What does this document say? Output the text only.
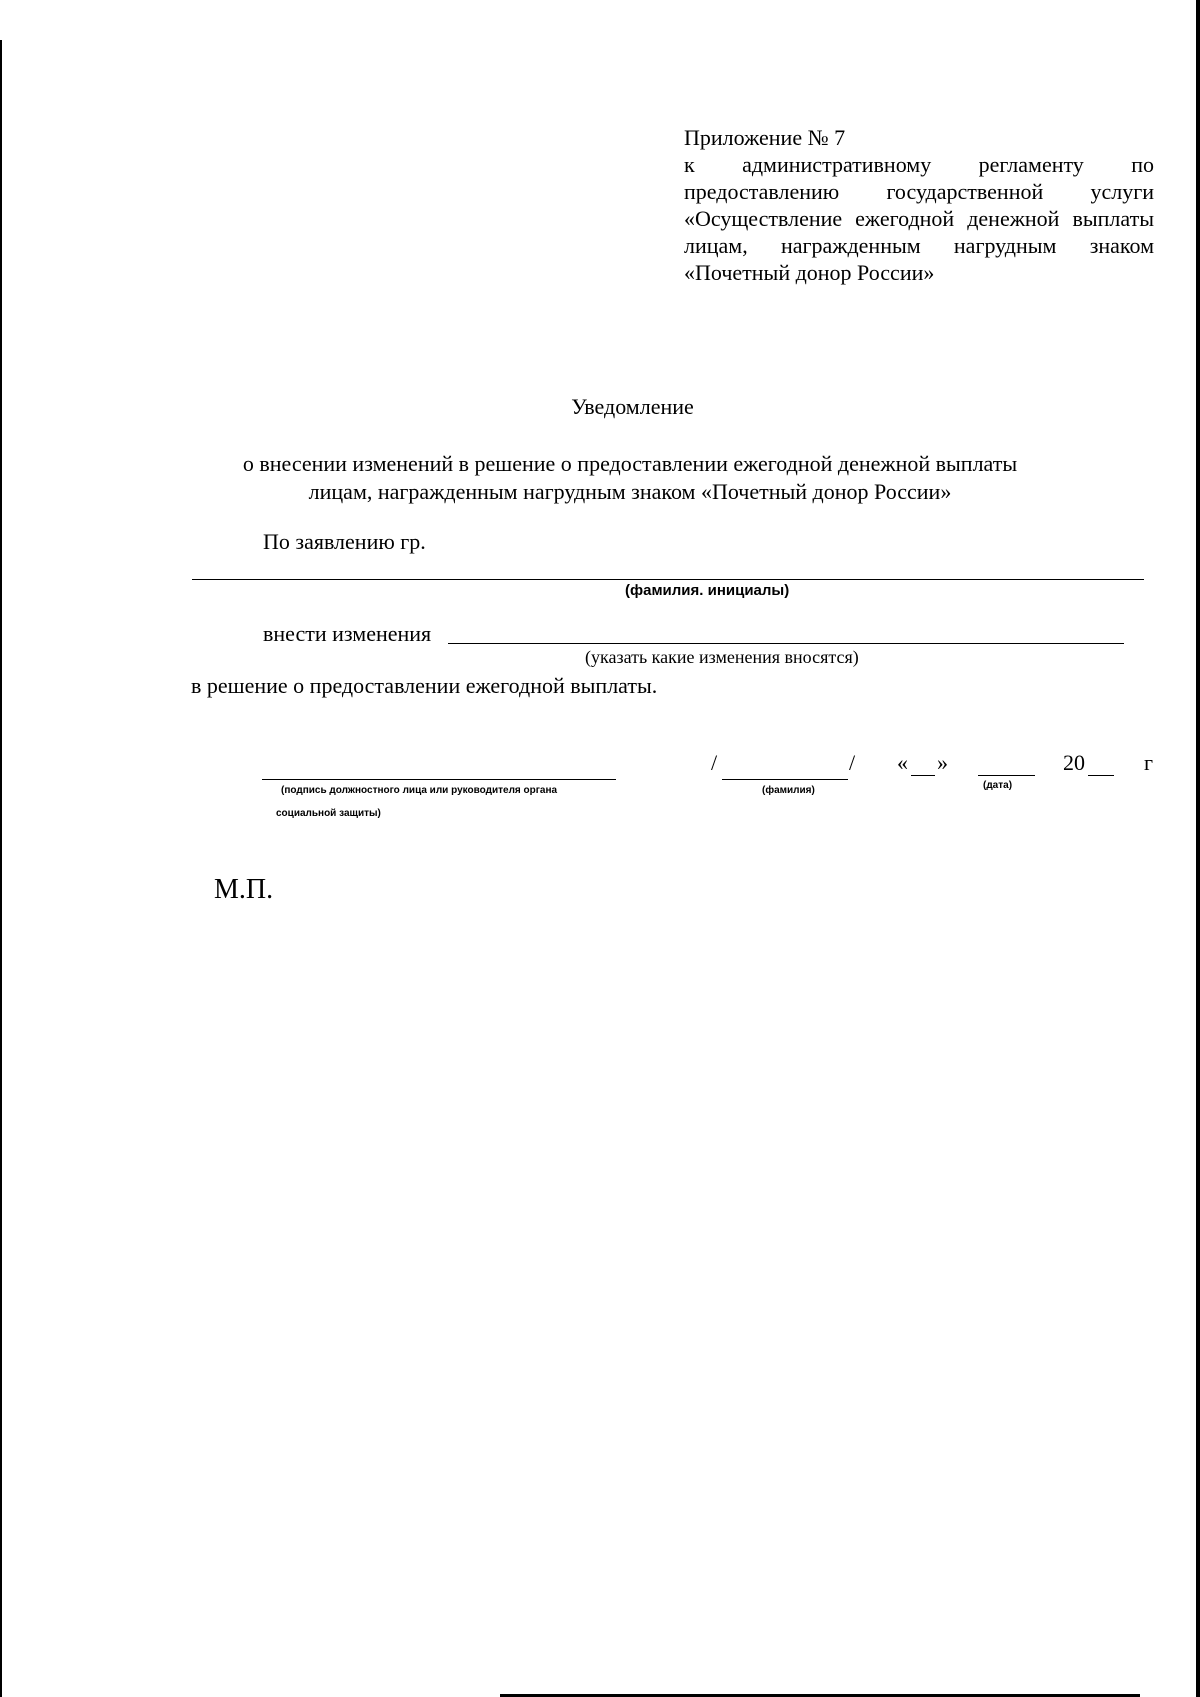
Приложение № 7

к административному регламенту по предоставлению государственной услуги «Осуществление ежегодной денежной выплаты лицам, награжденным нагрудным знаком «Почетный донор России»

Уведомление
о внесении изменений в решение о предоставлении ежегодной денежной выплаты
лицам, награжденным нагрудным знаком «Почетный донор России»
По заявлению гр.
(фамилия. инициалы)
внести изменения
(указать какие изменения вносятся)
в решение о предоставлении ежегодной выплаты.
(подпись должностного лица или руководителя органа
социальной защиты)
/	/
(фамилия)
« »
(дата)
20	г
М.П.
